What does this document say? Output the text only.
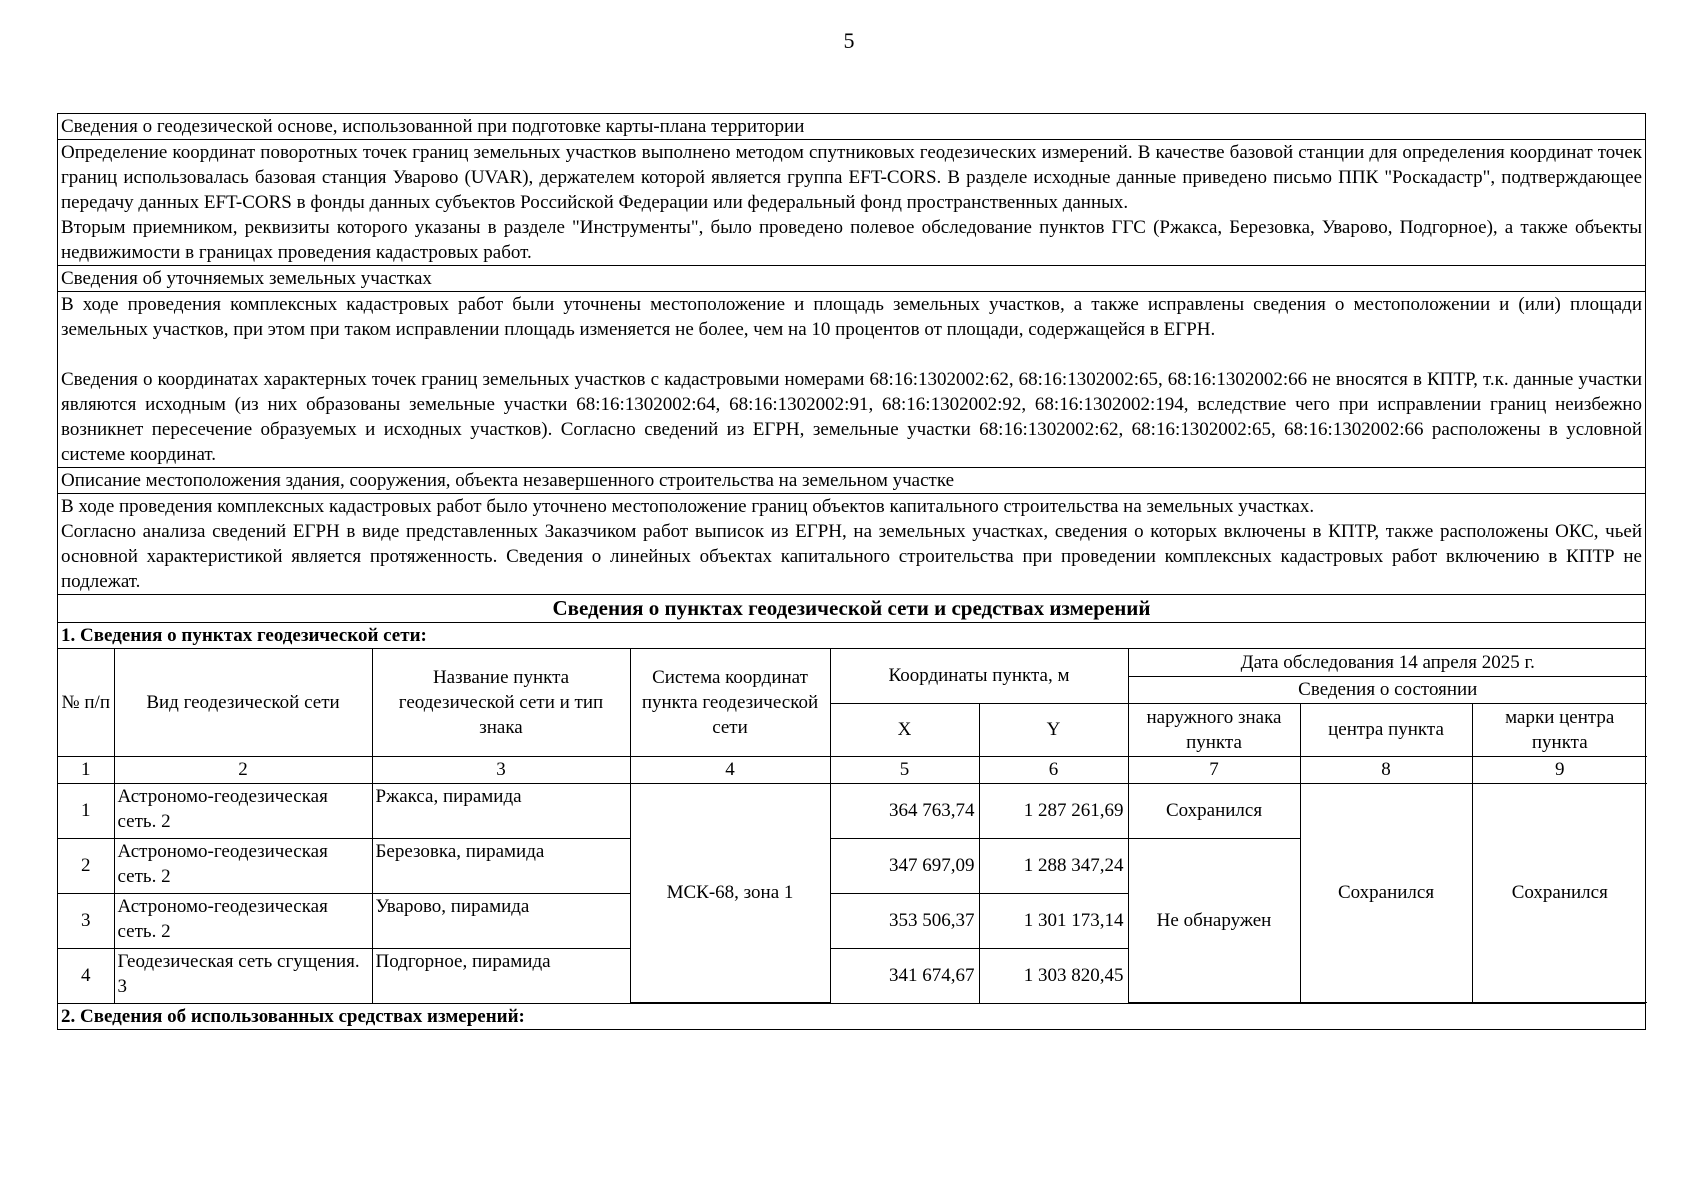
5
Сведения о геодезической основе, использованной при подготовке карты-плана территории

Определение координат поворотных точек границ земельных участков выполнено методом спутниковых геодезических измерений. В качестве базовой станции для определения координат точек границ использовалась базовая станция Уварово (UVAR), держателем которой является группа EFT-CORS. В разделе исходные данные приведено письмо ППК "Роскадастр", подтверждающее передачу данных EFT-CORS в фонды данных субъектов Российской Федерации или федеральный фонд пространственных данных.

Вторым приемником, реквизиты которого указаны в разделе "Инструменты", было проведено полевое обследование пунктов ГГС (Ржакса, Березовка, Уварово, Подгорное), а также объекты недвижимости в границах проведения кадастровых работ.

Сведения об уточняемых земельных участках

В ходе проведения комплексных кадастровых работ были уточнены местоположение и площадь земельных участков, а также исправлены сведения о местоположении и (или) площади земельных участков, при этом при таком исправлении площадь изменяется не более, чем на 10 процентов от площади, содержащейся в ЕГРН.

Сведения о координатах характерных точек границ земельных участков с кадастровыми номерами 68:16:1302002:62, 68:16:1302002:65, 68:16:1302002:66 не вносятся в КПТР, т.к. данные участки являются исходным (из них образованы земельные участки 68:16:1302002:64, 68:16:1302002:91, 68:16:1302002:92, 68:16:1302002:194, вследствие чего при исправлении границ неизбежно возникнет пересечение образуемых и исходных участков). Согласно сведений из ЕГРН, земельные участки 68:16:1302002:62, 68:16:1302002:65, 68:16:1302002:66 расположены в условной системе координат.

Описание местоположения здания, сооружения, объекта незавершенного строительства на земельном участке

В ходе проведения комплексных кадастровых работ было уточнено местоположение границ объектов капитального строительства на земельных участках.

Согласно анализа сведений ЕГРН в виде представленных Заказчиком работ выписок из ЕГРН, на земельных участках, сведения о которых включены в КПТР, также расположены ОКС, чьей основной характеристикой является протяженность. Сведения о линейных объектах капитального строительства при проведении комплексных кадастровых работ включению в КПТР не подлежат.

Сведения о пунктах геодезической сети и средствах измерений
1. Сведения о пунктах геодезической сети:

№ п/п	Вид геодезической сети	Название пункта геодезической сети и тип знака	Система координат пункта геодезической сети	Координаты пункта, м	Дата обследования 14 апреля 2025 г.
Сведения о состоянии
X	Y	наружного знака пункта	центра пункта	марки центра пункта
1	2	3	4	5	6	7	8	9
1	Астрономо-геодезическая сеть. 2	Ржакса, пирамида	МСК-68, зона 1	364 763,74	1 287 261,69	Сохранился	Сохранился	Сохранился
2	Астрономо-геодезическая сеть. 2	Березовка, пирамида	347 697,09	1 288 347,24	Не обнаружен
3	Астрономо-геодезическая сеть. 2	Уварово, пирамида	353 506,37	1 301 173,14
4	Геодезическая сеть сгущения. 3	Подгорное, пирамида	341 674,67	1 303 820,45

2. Сведения об использованных средствах измерений:
